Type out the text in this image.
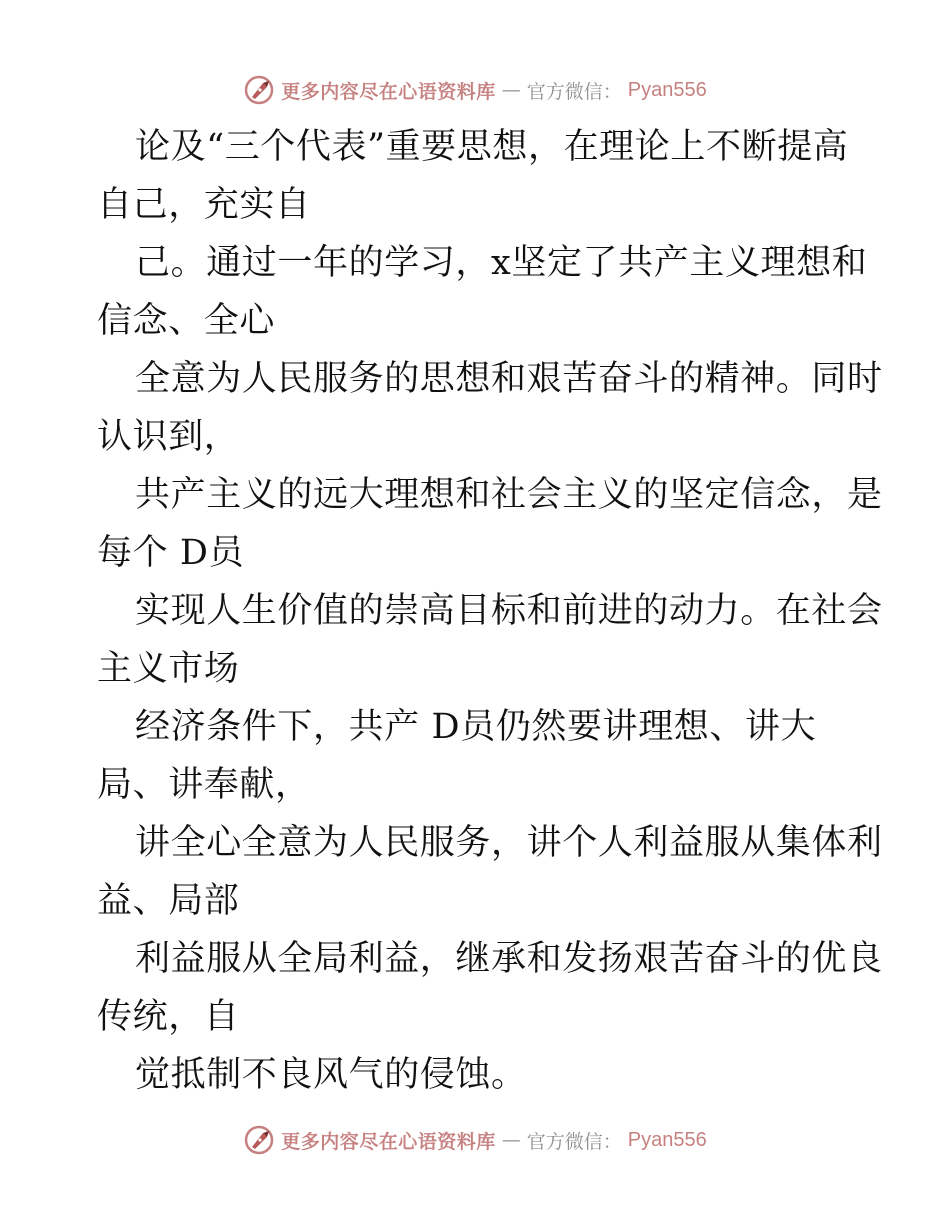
更多内容尽在心语资料库 — 官方微信： Pyan556
论及“三个代表”重要思想，在理论上不断提高
自己，充实自
己。通过一年的学习，x坚定了共产主义理想和
信念、全心
全意为人民服务的思想和艰苦奋斗的精神。同时
认识到，
共产主义的远大理想和社会主义的坚定信念，是
每个 D员
实现人生价值的崇高目标和前进的动力。在社会
主义市场
经济条件下，共产 D员仍然要讲理想、讲大
局、讲奉献，
讲全心全意为人民服务，讲个人利益服从集体利
益、局部
利益服从全局利益，继承和发扬艰苦奋斗的优良
传统，自
觉抵制不良风气的侵蚀。
更多内容尽在心语资料库 — 官方微信： Pyan556
